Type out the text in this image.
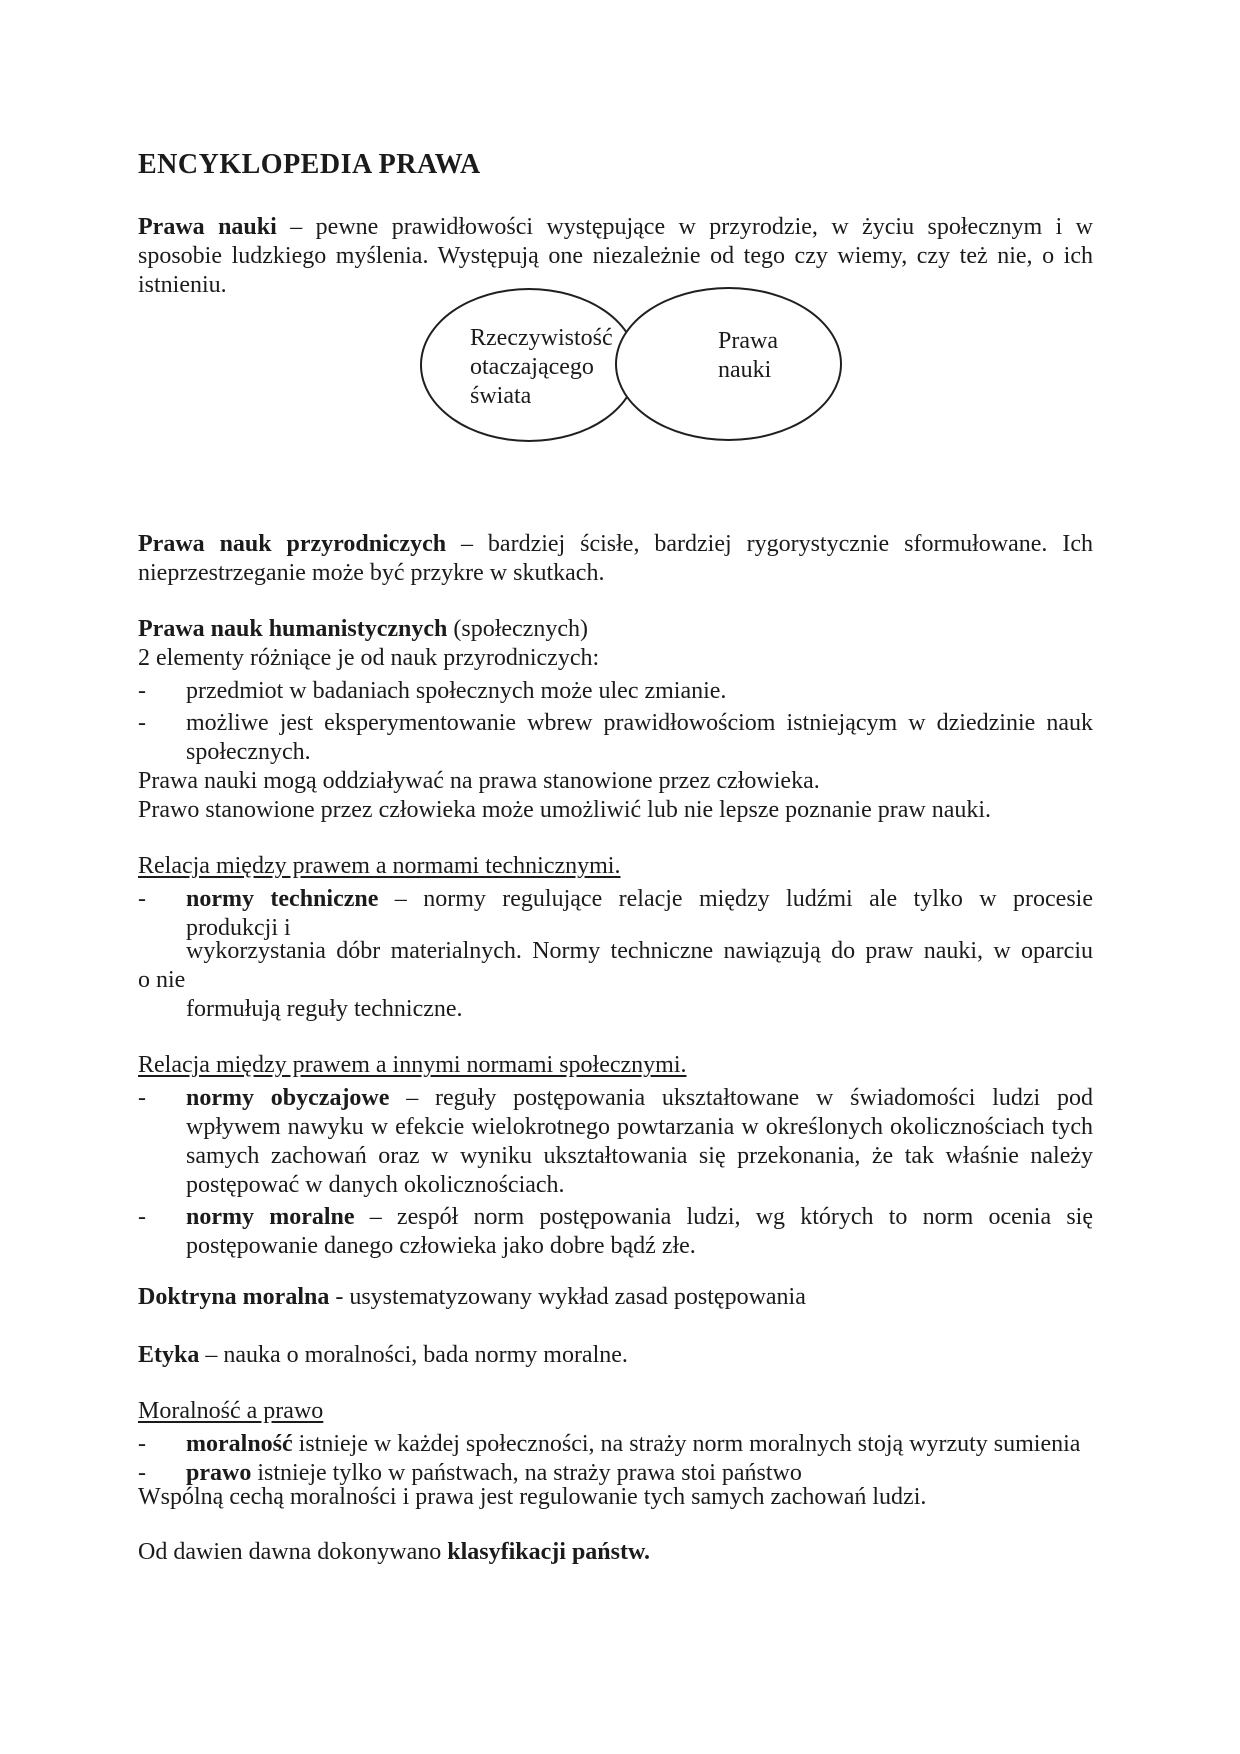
ENCYKLOPEDIA PRAWA

Prawa nauki – pewne prawidłowości występujące w przyrodzie, w życiu społecznym i w sposobie ludzkiego myślenia. Występują one niezależnie od tego czy wiemy, czy też nie, o ich istnieniu.

Rzeczywistość otaczającego świata
Prawa nauki

Prawa nauk przyrodniczych – bardziej ścisłe, bardziej rygorystycznie sformułowane. Ich nieprzestrzeganie może być przykre w skutkach.

Prawa nauk humanistycznych (społecznych)

2 elementy różniące je od nauk przyrodniczych:
-	przedmiot w badaniach społecznych może ulec zmianie.
-	możliwe jest eksperymentowanie wbrew prawidłowościom istniejącym w dziedzinie nauk społecznych.
Prawa nauki mogą oddziaływać na prawa stanowione przez człowieka.
Prawo stanowione przez człowieka może umożliwić lub nie lepsze poznanie praw nauki.
Relacja między prawem a normami technicznymi.
-	normy techniczne – normy regulujące relacje między ludźmi ale tylko w procesie
produkcji i
wykorzystania dóbr materialnych. Normy techniczne nawiązują do praw nauki, w oparciu
o nie
formułują reguły techniczne.
Relacja między prawem a innymi normami społecznymi.
-	normy obyczajowe – reguły postępowania ukształtowane w świadomości ludzi pod wpływem nawyku w efekcie wielokrotnego powtarzania w określonych okolicznościach tych samych zachowań oraz w wyniku ukształtowania się przekonania, że tak właśnie należy postępować w danych okolicznościach.
-	normy moralne – zespół norm postępowania ludzi, wg których to norm ocenia się postępowanie danego człowieka jako dobre bądź złe.

Doktryna moralna - usystematyzowany wykład zasad postępowania

Etyka – nauka o moralności, bada normy moralne.

Moralność a prawo
-	moralność istnieje w każdej społeczności, na straży norm moralnych stoją wyrzuty sumienia
-	prawo istnieje tylko w państwach, na straży prawa stoi państwo
Wspólną cechą moralności i prawa jest regulowanie tych samych zachowań ludzi.

Od dawien dawna dokonywano klasyfikacji państw.
